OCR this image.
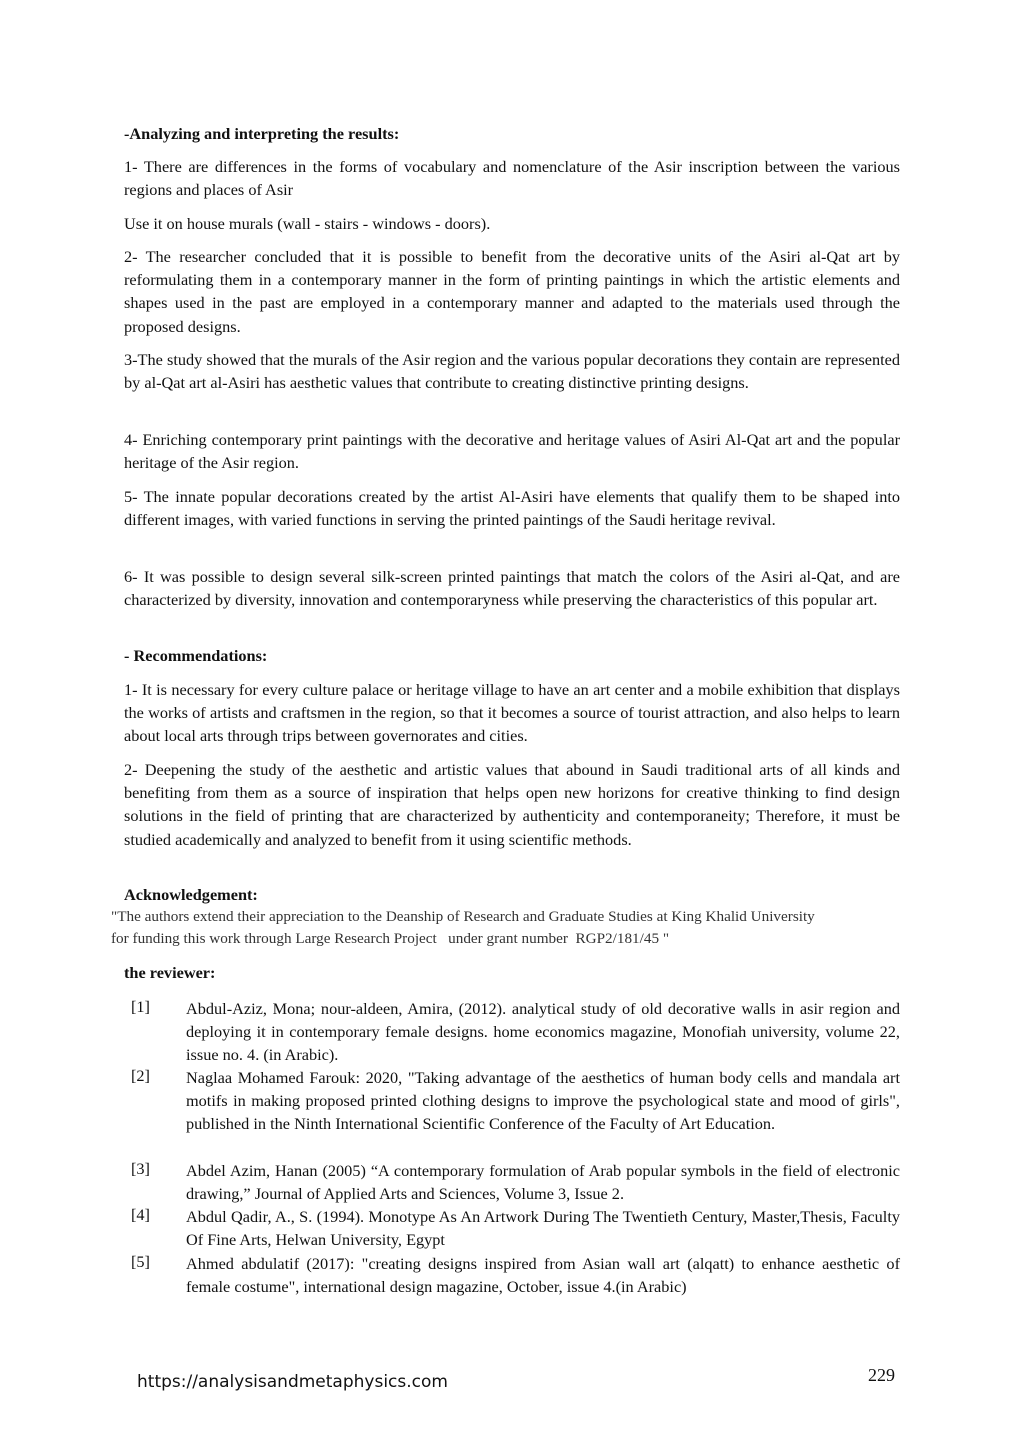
-Analyzing and interpreting the results:
1- There are differences in the forms of vocabulary and nomenclature of the Asir inscription between the various regions and places of Asir
Use it on house murals (wall - stairs - windows - doors).
2- The researcher concluded that it is possible to benefit from the decorative units of the Asiri al-Qat art by reformulating them in a contemporary manner in the form of printing paintings in which the artistic elements and shapes used in the past are employed in a contemporary manner and adapted to the materials used through the proposed designs.
3-The study showed that the murals of the Asir region and the various popular decorations they contain are represented by al-Qat art al-Asiri has aesthetic values that contribute to creating distinctive printing designs.
4- Enriching contemporary print paintings with the decorative and heritage values of Asiri Al-Qat art and the popular heritage of the Asir region.
5- The innate popular decorations created by the artist Al-Asiri have elements that qualify them to be shaped into different images, with varied functions in serving the printed paintings of the Saudi heritage revival.
6- It was possible to design several silk-screen printed paintings that match the colors of the Asiri al-Qat, and are characterized by diversity, innovation and contemporaryness while preserving the characteristics of this popular art.
- Recommendations:
1- It is necessary for every culture palace or heritage village to have an art center and a mobile exhibition that displays the works of artists and craftsmen in the region, so that it becomes a source of tourist attraction, and also helps to learn about local arts through trips between governorates and cities.
2- Deepening the study of the aesthetic and artistic values that abound in Saudi traditional arts of all kinds and benefiting from them as a source of inspiration that helps open new horizons for creative thinking to find design solutions in the field of printing that are characterized by authenticity and contemporaneity; Therefore, it must be studied academically and analyzed to benefit from it using scientific methods.
Acknowledgement:
"The authors extend their appreciation to the Deanship of Research and Graduate Studies at King Khalid University
for funding this work through Large Research Project   under grant number  RGP2/181/45 "
the reviewer:
[1]	Abdul-Aziz, Mona; nour-aldeen, Amira, (2012). analytical study of old decorative walls in asir region and deploying it in contemporary female designs. home economics magazine, Monofiah university, volume 22, issue no. 4. (in Arabic).
[2]	Naglaa Mohamed Farouk: 2020, "Taking advantage of the aesthetics of human body cells and mandala art motifs in making proposed printed clothing designs to improve the psychological state and mood of girls", published in the Ninth International Scientific Conference of the Faculty of Art Education.
[3]	Abdel Azim, Hanan (2005) “A contemporary formulation of Arab popular symbols in the field of electronic drawing,” Journal of Applied Arts and Sciences, Volume 3, Issue 2.
[4]	Abdul Qadir, A., S. (1994). Monotype As An Artwork During The Twentieth Century, Master,Thesis, Faculty Of Fine Arts, Helwan University, Egypt
[5]	Ahmed abdulatif (2017): "creating designs inspired from Asian wall art (alqatt) to enhance aesthetic of female costume", international design magazine, October, issue 4.(in Arabic)
https://analysisandmetaphysics.com	229
